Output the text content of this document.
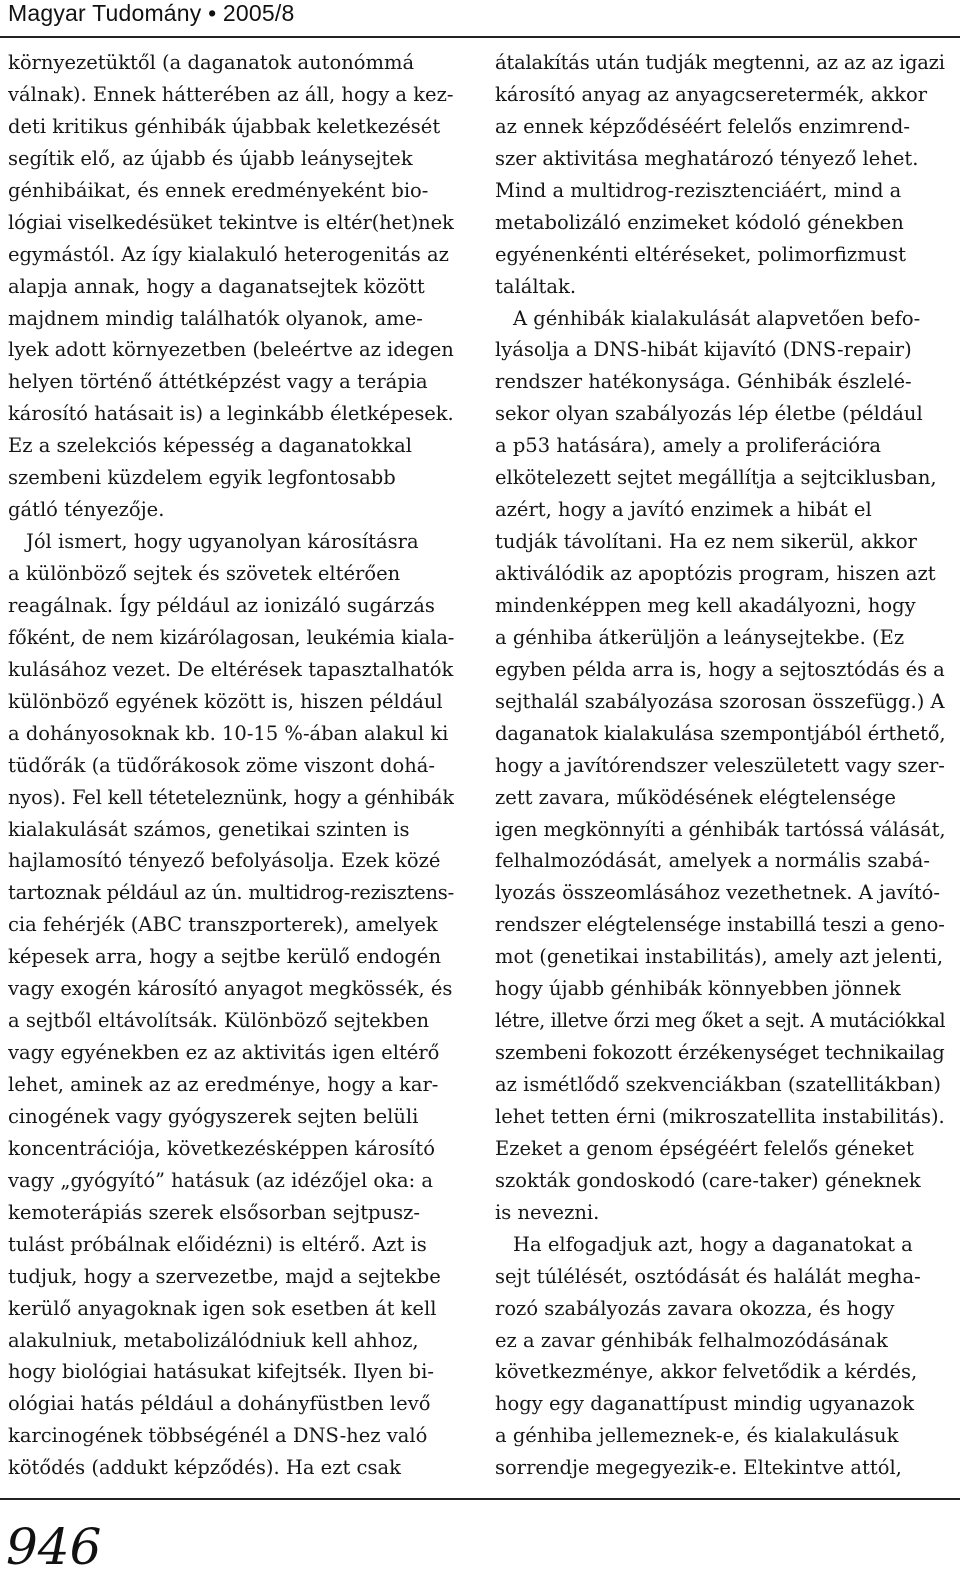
Magyar Tudomány • 2005/8
környezetüktől (a daganatok autonómmá
válnak). Ennek hátterében az áll, hogy a kez-
deti kritikus génhibák újabbak keletkezését
segítik elő, az újabb és újabb leánysejtek
génhibáikat, és ennek eredményeként bio-
lógiai viselkedésüket tekintve is eltér(het)nek
egymástól. Az így kialakuló heterogenitás az
alapja annak, hogy a daganatsejtek között
majdnem mindig találhatók olyanok, ame-
lyek adott környezetben (beleértve az idegen
helyen történő áttétképzést vagy a terápia
károsító hatásait is) a leginkább életképesek.
Ez a szelekciós képesség a daganatokkal
szembeni küzdelem egyik legfontosabb
gátló tényezője.
Jól ismert, hogy ugyanolyan károsításra
a különböző sejtek és szövetek eltérően
reagálnak. Így például az ionizáló sugárzás
főként, de nem kizárólagosan, leukémia kiala-
kulásához vezet. De eltérések tapasztalhatók
különböző egyének között is, hiszen például
a dohányosoknak kb. 10-15 %-ában alakul ki
tüdőrák (a tüdőrákosok zöme viszont dohá-
nyos). Fel kell téteteleznünk, hogy a génhibák
kialakulását számos, genetikai szinten is
hajlamosító tényező befolyásolja. Ezek közé
tartoznak például az ún. multidrog-rezisztens-
cia fehérjék (ABC transzporterek), amelyek
képesek arra, hogy a sejtbe kerülő endogén
vagy exogén károsító anyagot megkössék, és
a sejtből eltávolítsák. Különböző sejtekben
vagy egyénekben ez az aktivitás igen eltérő
lehet, aminek az az eredménye, hogy a kar-
cinogének vagy gyógyszerek sejten belüli
koncentrációja, következésképpen károsító
vagy „gyógyító” hatásuk (az idézőjel oka: a
kemoterápiás szerek elsősorban sejtpusz-
tulást próbálnak előidézni) is eltérő. Azt is
tudjuk, hogy a szervezetbe, majd a sejtekbe
kerülő anyagoknak igen sok esetben át kell
alakulniuk, metabolizálódniuk kell ahhoz,
hogy biológiai hatásukat kifejtsék. Ilyen bi-
ológiai hatás például a dohányfüstben levő
karcinogének többségénél a DNS-hez való
kötődés (addukt képződés). Ha ezt csak
átalakítás után tudják megtenni, az az az igazi
károsító anyag az anyagcseretermék, akkor
az ennek képződéséért felelős enzimrend-
szer aktivitása meghatározó tényező lehet.
Mind a multidrog-rezisztenciáért, mind a
metabolizáló enzimeket kódoló génekben
egyénenkénti eltéréseket, polimorfizmust
találtak.
A génhibák kialakulását alapvetően befo-
lyásolja a DNS-hibát kijavító (DNS-repair)
rendszer hatékonysága. Génhibák észlelé-
sekor olyan szabályozás lép életbe (például
a p53 hatására), amely a proliferációra
elkötelezett sejtet megállítja a sejtciklusban,
azért, hogy a javító enzimek a hibát el
tudják távolítani. Ha ez nem sikerül, akkor
aktiválódik az apoptózis program, hiszen azt
mindenképpen meg kell akadályozni, hogy
a génhiba átkerüljön a leánysejtekbe. (Ez
egyben példa arra is, hogy a sejtosztódás és a
sejthalál szabályozása szorosan összefügg.) A
daganatok kialakulása szempontjából érthető,
hogy a javítórendszer veleszületett vagy szer-
zett zavara, működésének elégtelensége
igen megkönnyíti a génhibák tartóssá válását,
felhalmozódását, amelyek a normális szabá-
lyozás összeomlásához vezethetnek. A javító-
rendszer elégtelensége instabillá teszi a geno-
mot (genetikai instabilitás), amely azt jelenti,
hogy újabb génhibák könnyebben jönnek
létre, illetve őrzi meg őket a sejt. A mutációkkal
szembeni fokozott érzékenységet technikailag
az ismétlődő szekvenciákban (szatellitákban)
lehet tetten érni (mikroszatellita instabilitás).
Ezeket a genom épségéért felelős géneket
szokták gondoskodó (care-taker) géneknek
is nevezni.
Ha elfogadjuk azt, hogy a daganatokat a
sejt túlélését, osztódását és halálát megha-
rozó szabályozás zavara okozza, és hogy
ez a zavar génhibák felhalmozódásának
következménye, akkor felvetődik a kérdés,
hogy egy daganattípust mindig ugyanazok
a génhiba jellemeznek-e, és kialakulásuk
sorrendje megegyezik-e. Eltekintve attól,
946
